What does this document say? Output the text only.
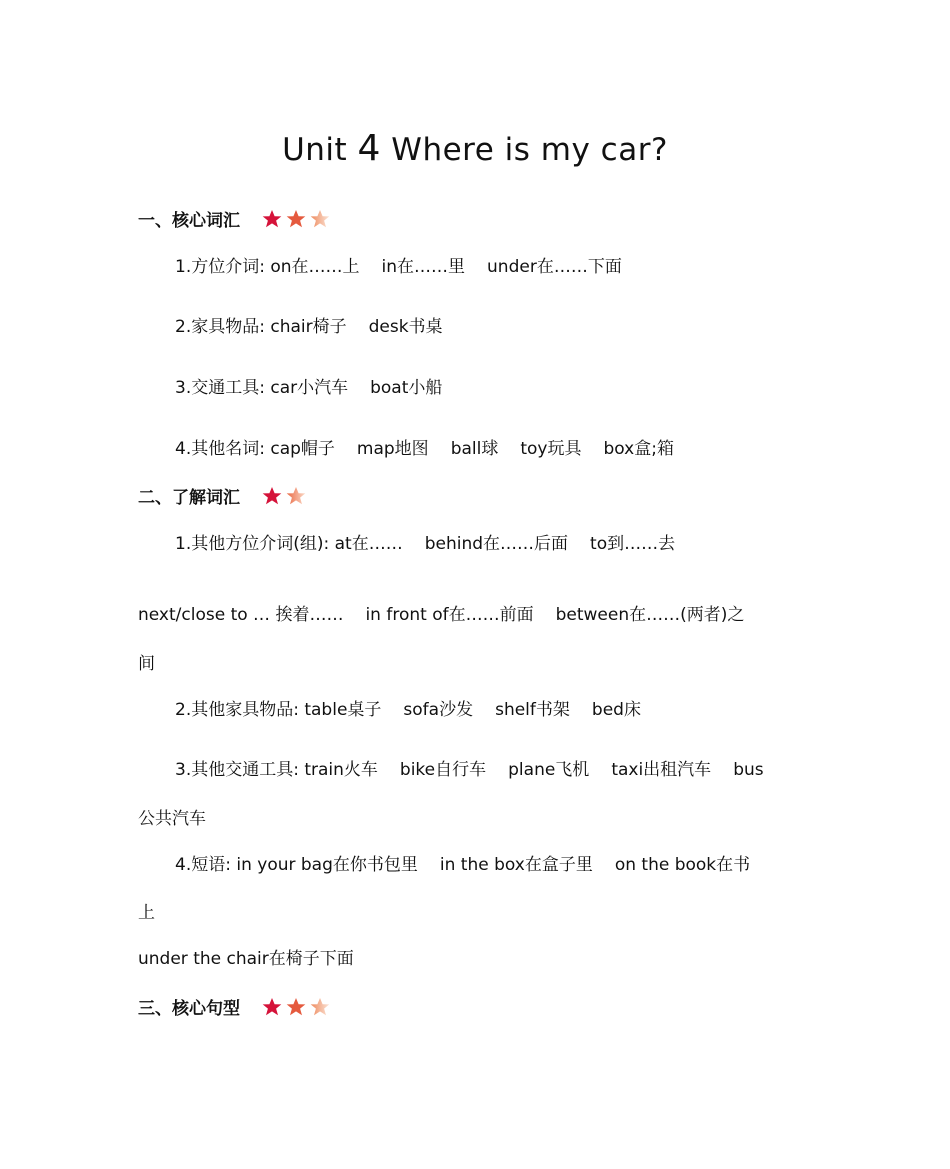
Unit 4 Where is my car?
一、核心词汇
1.方位介词: on在……上 in在……里 under在……下面
2.家具物品: chair椅子 desk书桌
3.交通工具: car小汽车 boat小船
4.其他名词: cap帽子 map地图 ball球 toy玩具 box盒;箱
二、了解词汇
1.其他方位介词(组): at在…… behind在……后面 to到……去
next/close to … 挨着…… in front of在……前面 between在……(两者)之
间
2.其他家具物品: table桌子 sofa沙发 shelf书架 bed床
3.其他交通工具: train火车 bike自行车 plane飞机 taxi出租汽车 bus
公共汽车
4.短语: in your bag在你书包里 in the box在盒子里 on the book在书
上
under the chair在椅子下面
三、核心句型
